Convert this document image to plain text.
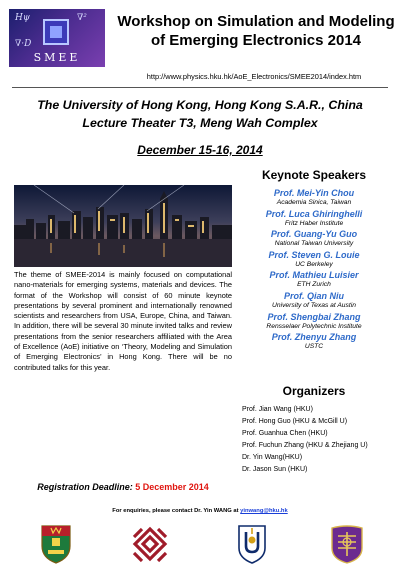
Hψ	∇²
∇·D
SMEE
Workshop on Simulation and Modeling
of Emerging Electronics 2014
http://www.physics.hku.hk/AoE_Electronics/SMEE2014/index.htm
The University of Hong Kong, Hong Kong S.A.R., China
Lecture Theater T3, Meng Wah Complex
December 15-16, 2014
The theme of SMEE-2014 is mainly focused on computational nano-materials for emerging systems, materials and devices. The format of the Workshop will consist of 60 minute keynote presentations by several prominent and internationally renowned scientists and researchers from USA, Europe, China, and Taiwan. In addition, there will be several 30 minute invited talks and review presentations from the senior researchers affiliated with the Area of Excellence (AoE) initiative on ‘Theory, Modeling and Simulation of Emerging Electronics’ in Hong Kong. There will be no contributed talks for this year.
Registration Deadline: 5 December 2014
For enquiries, please contact Dr. Yin WANG at yinwang@hku.hk
Keynote Speakers
Prof. Mei-Yin Chou
Academia Sinica, Taiwan
Prof. Luca Ghiringhelli
Fritz Haber Institute
Prof. Guang-Yu Guo
National Taiwan University
Prof. Steven G. Louie
UC Berkeley
Prof. Mathieu Luisier
ETH Zurich
Prof. Qian Niu
University of Texas at Austin
Prof. Shengbai Zhang
Rensselaer Polytechnic Institute
Prof. Zhenyu Zhang
USTC
Organizers
Prof. Jian Wang (HKU)
Prof. Hong Guo (HKU & McGill U)
Prof. Guanhua Chen (HKU)
Prof. Fuchun Zhang (HKU & Zhejiang U)
Dr. Yin Wang(HKU)
Dr. Jason Sun (HKU)
